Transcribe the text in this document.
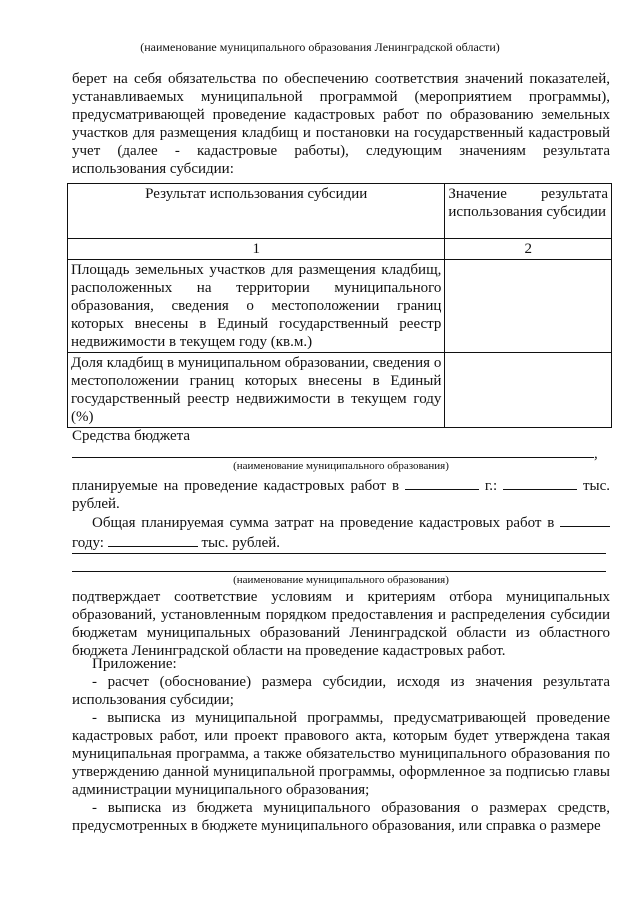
(наименование муниципального образования Ленинградской области)
берет на себя обязательства по обеспечению соответствия значений показателей, устанавливаемых муниципальной программой (мероприятием программы), предусматривающей проведение кадастровых работ по образованию земельных участков для размещения кладбищ и постановки на государственный кадастровый учет (далее - кадастровые работы), следующим значениям результата использования субсидии:
Результат использования субсидии	Значение результата использования субсидии
1	2
Площадь земельных участков для размещения кладбищ, расположенных на территории муниципального образования, сведения о местоположении границ которых внесены в Единый государственный реестр недвижимости в текущем году (кв.м.)	
Доля кладбищ в муниципальном образовании, сведения о местоположении границ которых внесены в Единый государственный реестр недвижимости в текущем году (%)	
Средства бюджета
,
(наименование муниципального образования)
планируемые на проведение кадастровых работ в	г.:	тыс. рублей.
Общая планируемая сумма затрат на проведение кадастровых работ в  году:	тыс. рублей.
(наименование муниципального образования)
подтверждает соответствие условиям и критериям отбора муниципальных образований, установленным порядком предоставления и распределения субсидии бюджетам муниципальных образований Ленинградской области из областного бюджета Ленинградской области на проведение кадастровых работ.
Приложение:
- расчет (обоснование) размера субсидии, исходя из значения результата использования субсидии;
- выписка из муниципальной программы, предусматривающей проведение кадастровых работ, или проект правового акта, которым будет утверждена такая муниципальная программа, а также обязательство муниципального образования по утверждению данной муниципальной программы, оформленное за подписью главы администрации муниципального образования;
- выписка из бюджета муниципального образования о размерах средств, предусмотренных в бюджете муниципального образования, или справка о размере
